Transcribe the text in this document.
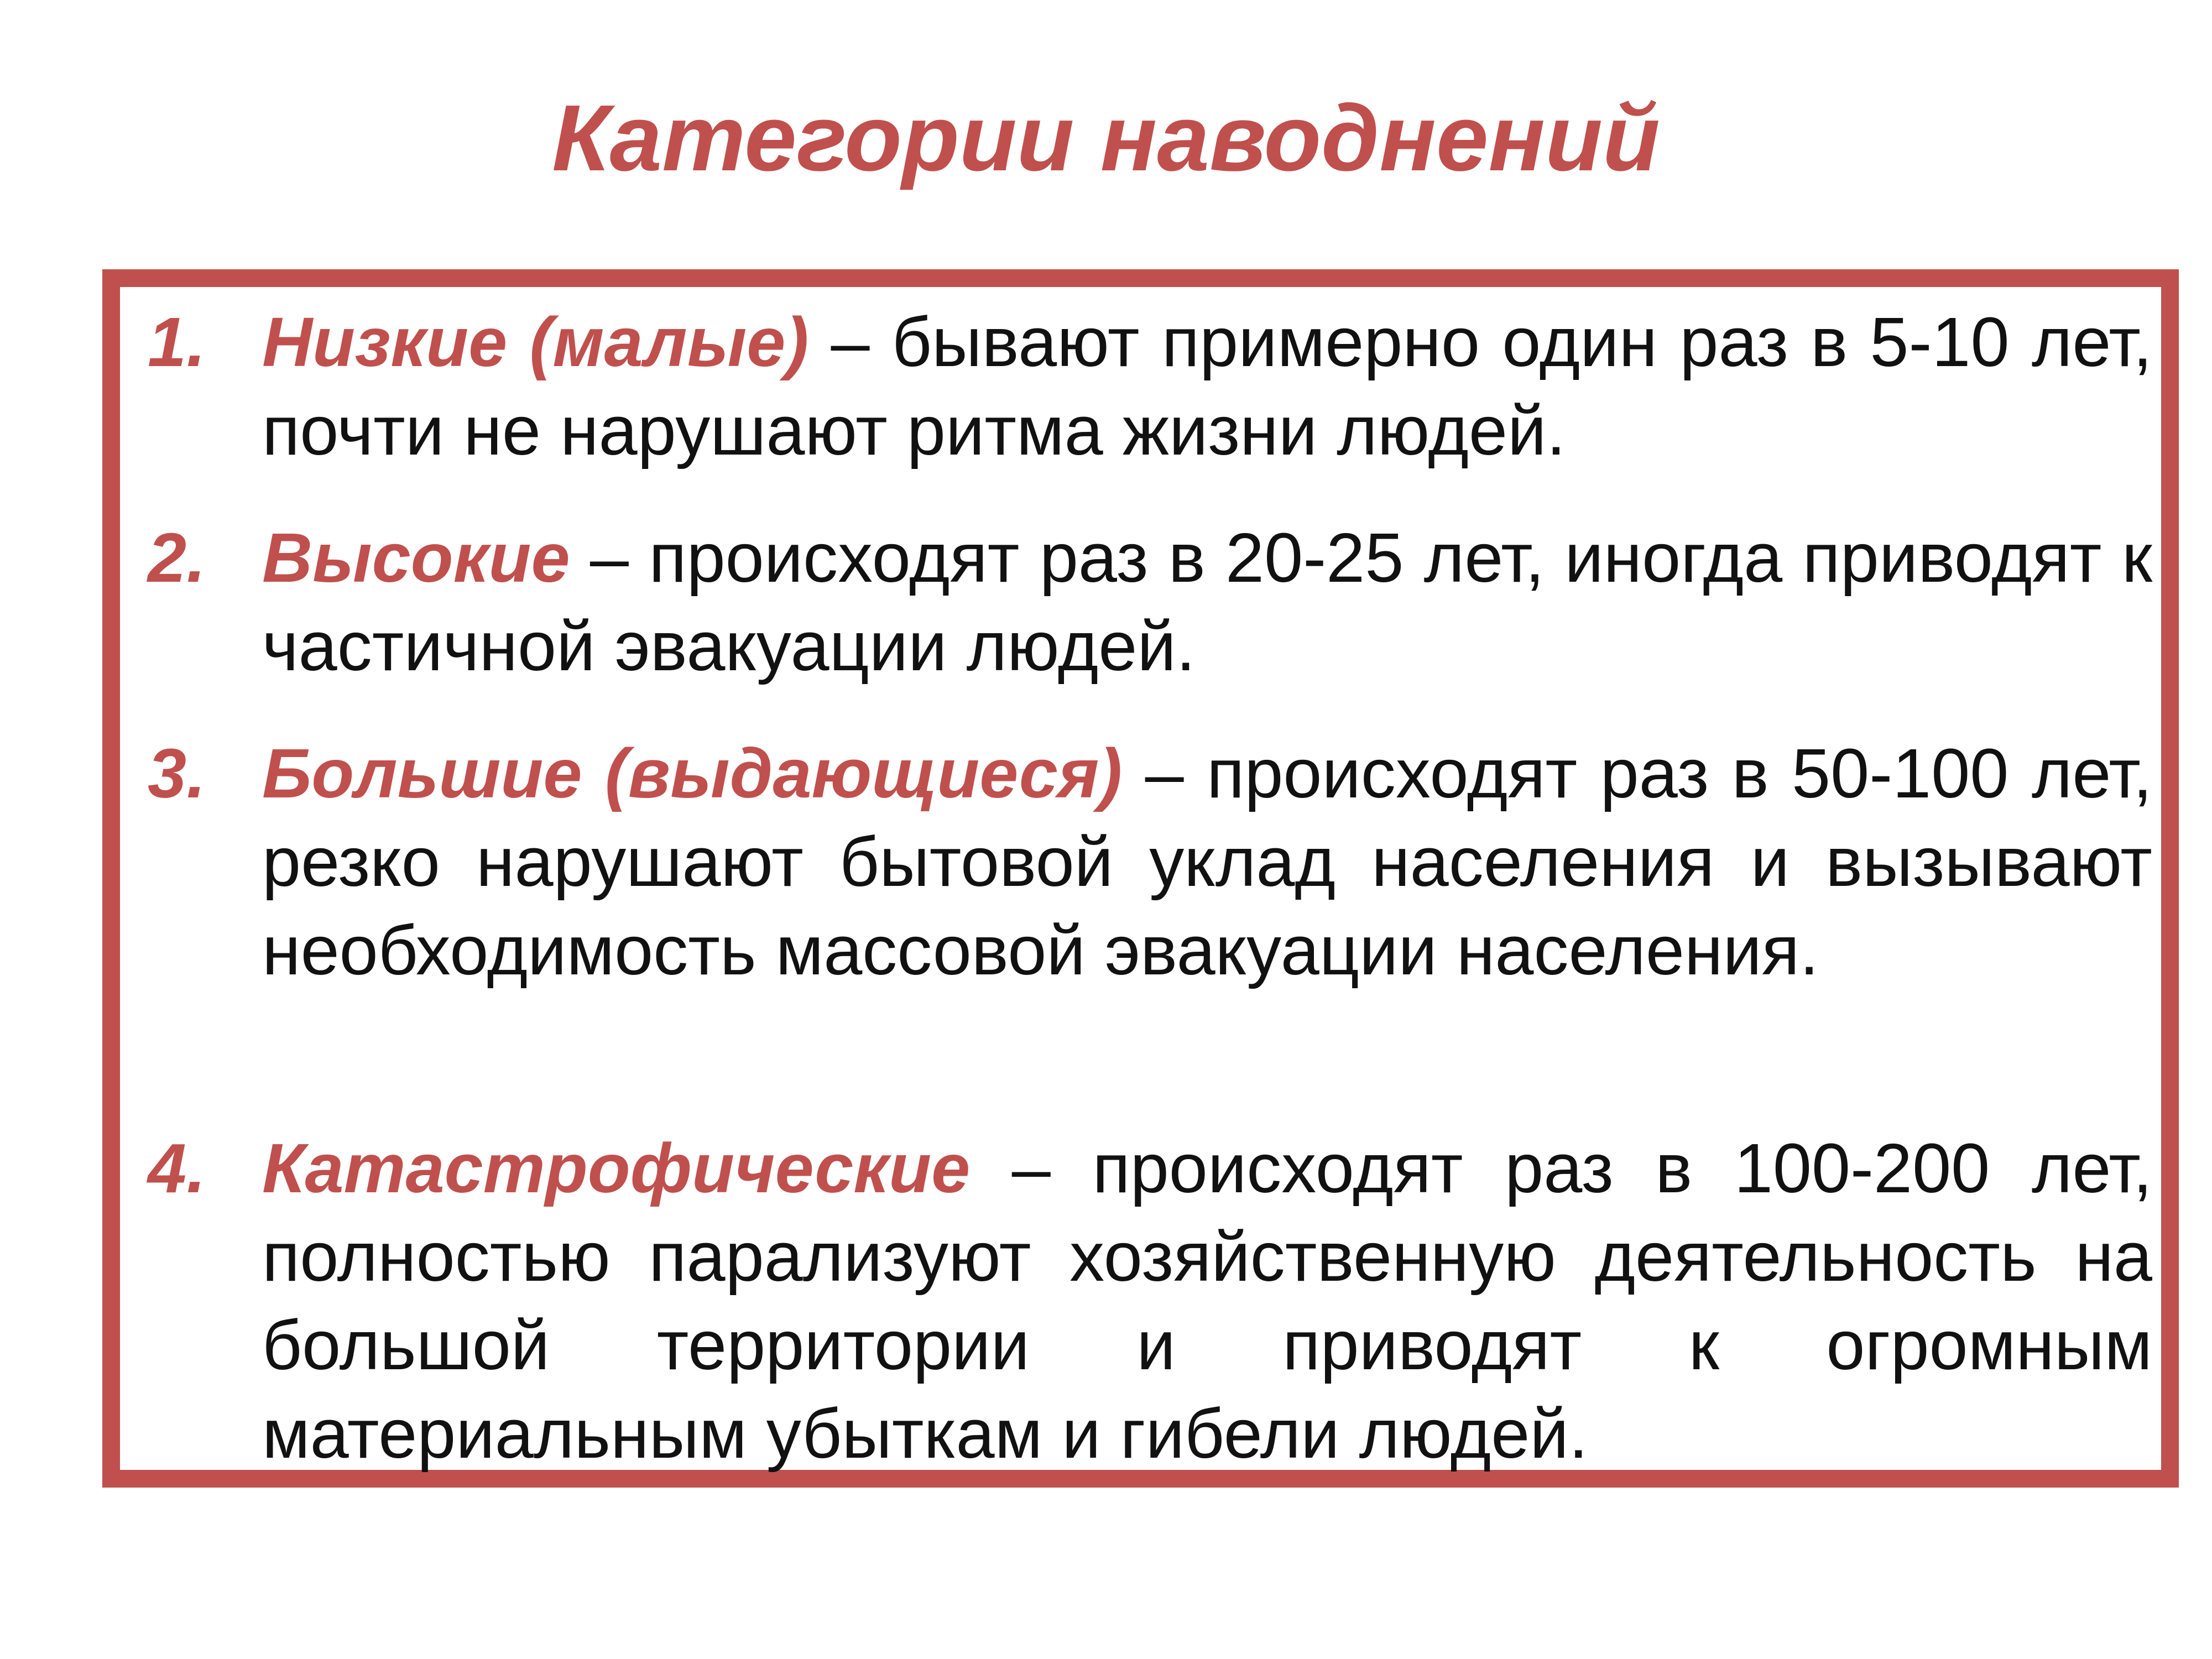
Категории наводнений
1. Низкие (малые) – бывают примерно один раз в 5-10 лет, почти не нарушают ритма жизни людей.
2. Высокие – происходят раз в 20-25 лет, иногда приводят к частичной эвакуации людей.
3. Большие (выдающиеся) – происходят раз в 50-100 лет, резко нарушают бытовой уклад населения и вызывают необходимость массовой эвакуации населения.
4. Катастрофические – происходят раз в 100-200 лет, полностью парализуют хозяйственную деятельность на большой территории и приводят к огромным материальным убыткам и гибели людей.
